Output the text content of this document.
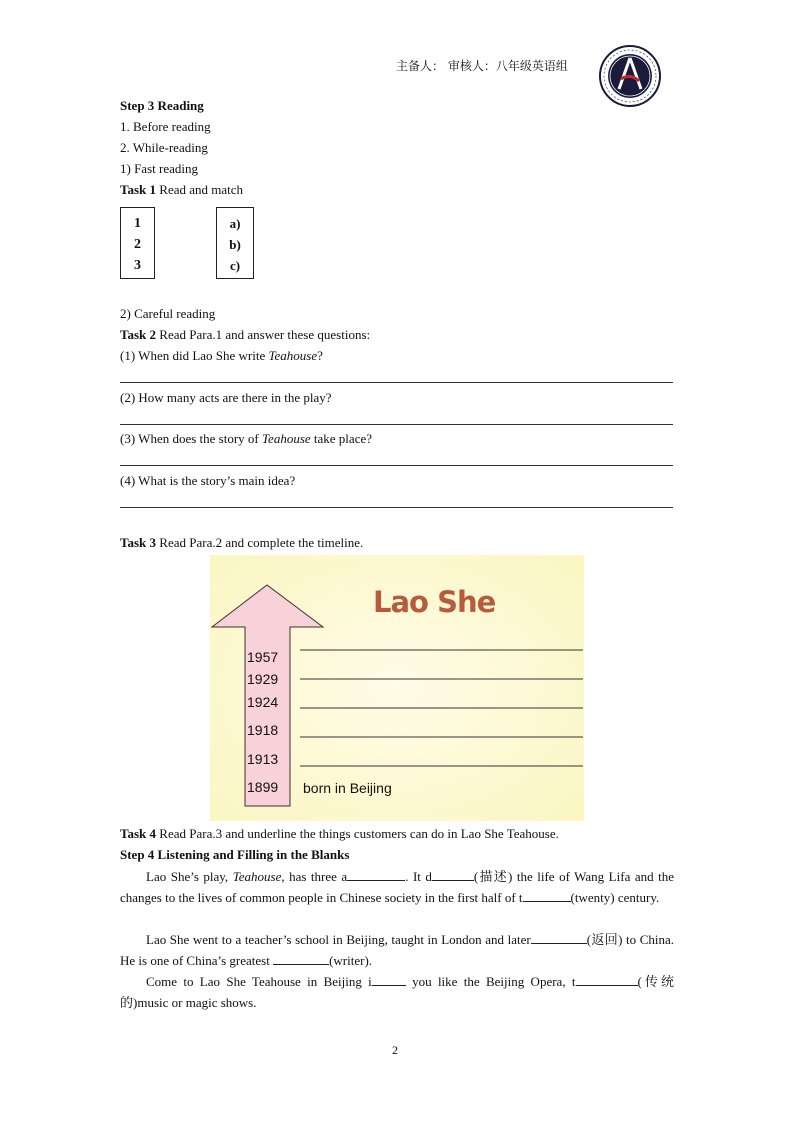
主备人： 审核人：八年级英语组
Step 3 Reading
1. Before reading
2. While-reading
1) Fast reading
Task 1 Read and match
1
2
3
a)
b)
c)
2) Careful reading
Task 2 Read Para.1 and answer these questions:
(1) When did Lao She write Teahouse?
(2) How many acts are there in the play?
(3) When does the story of Teahouse take place?
(4) What is the story’s main idea?
Task 3 Read Para.2 and complete the timeline.
Lao She
1957
1929
1924
1918
1913
1899 born in Beijing
Task 4 Read Para.3 and underline the things customers can do in Lao She Teahouse.
Step 4 Listening and Filling in the Blanks
Lao She’s play, Teahouse, has three a	. It d	(描述) the life of Wang Lifa and the changes to the lives of common people in Chinese society in the first half of t	(twenty) century.
Lao She went to a teacher’s school in Beijing, taught in London and later	(返回) to China. He is one of China’s greatest	(writer).
Come to Lao She Teahouse in Beijing i	you like the Beijing Opera, t	(传统的)music or magic shows.
2
